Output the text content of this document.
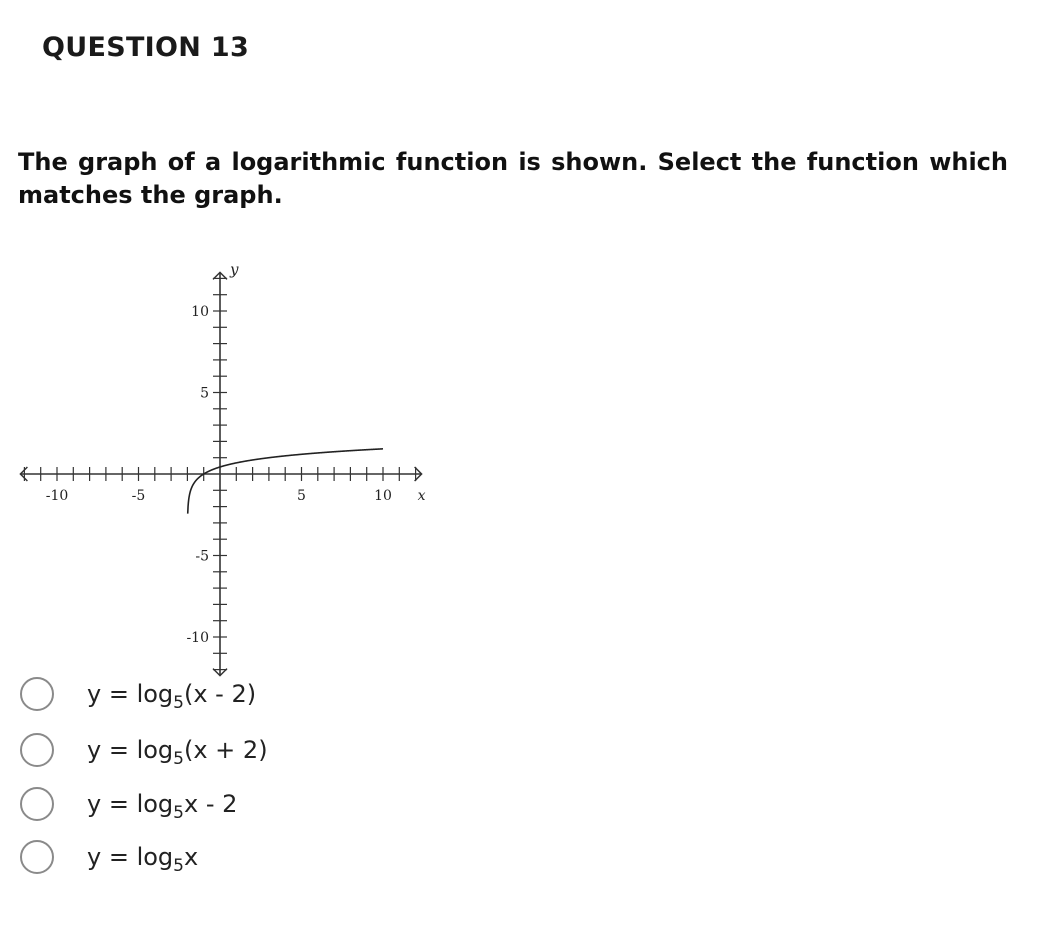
QUESTION 13
The graph of a logarithmic function is shown. Select the function which matches the graph.
-10	-5	5	10
10
5
-5
-10
x
y
$y = \log_5(x - 2)$
$y = \log_5(x + 2)$
$y = \log_5x - 2$
$y = \log_5x$
